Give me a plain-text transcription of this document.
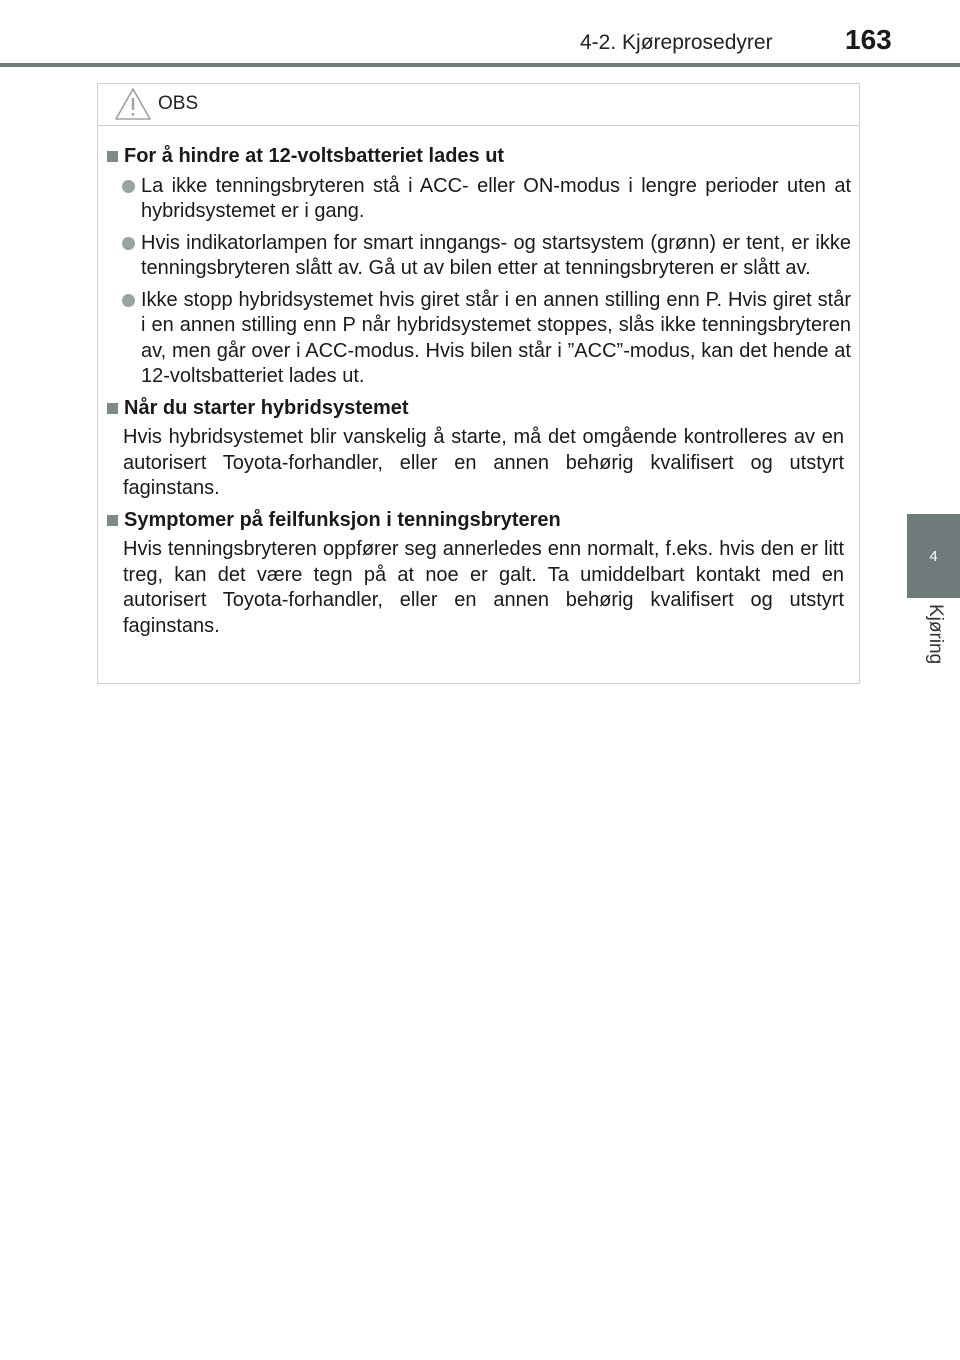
4-2. Kjøreprosedyrer	163
4
Kjøring
OBS
For å hindre at 12-voltsbatteriet lades ut
La ikke tenningsbryteren stå i ACC- eller ON-modus i lengre perioder uten at hybridsystemet er i gang.
Hvis indikatorlampen for smart inngangs- og startsystem (grønn) er tent, er ikke tenningsbryteren slått av. Gå ut av bilen etter at tenningsbryteren er slått av.
Ikke stopp hybridsystemet hvis giret står i en annen stilling enn P. Hvis giret står i en annen stilling enn P når hybridsystemet stoppes, slås ikke tenningsbryteren av, men går over i ACC-modus. Hvis bilen står i ”ACC”-modus, kan det hende at 12-voltsbatteriet lades ut.
Når du starter hybridsystemet
Hvis hybridsystemet blir vanskelig å starte, må det omgående kontrolleres av en autorisert Toyota-forhandler, eller en annen behørig kvalifisert og utstyrt faginstans.
Symptomer på feilfunksjon i tenningsbryteren
Hvis tenningsbryteren oppfører seg annerledes enn normalt, f.eks. hvis den er litt treg, kan det være tegn på at noe er galt. Ta umiddelbart kontakt med en autorisert Toyota-forhandler, eller en annen behørig kvalifisert og utstyrt faginstans.
